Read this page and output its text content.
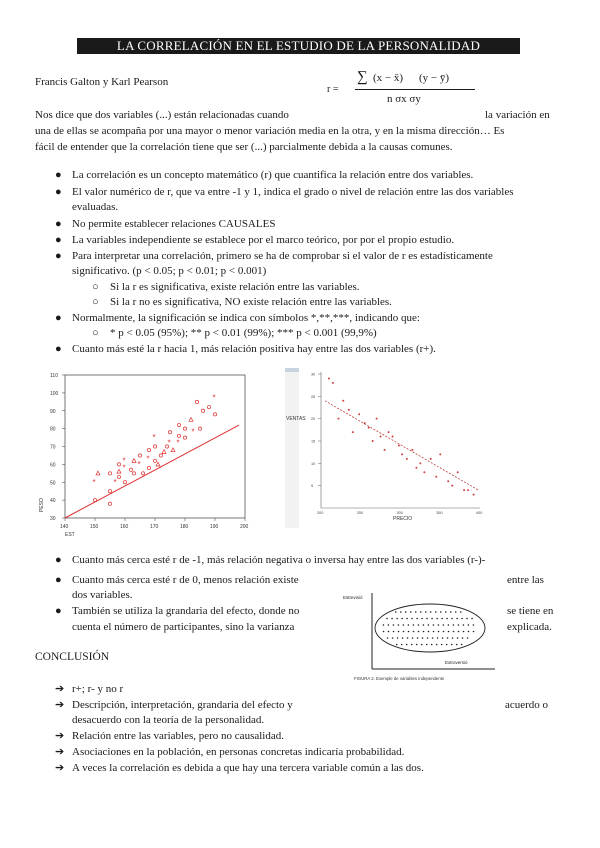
LA CORRELACIÓN EN EL ESTUDIO DE LA PERSONALIDAD
Francis Galton y Karl Pearson
r =
∑ (x − x̄) (y − ȳ)
n σx σy
Nos dice que dos variables (...) están relacionadas cuando	la variación en
una de ellas se acompaña por una mayor o menor variación media en la otra, y en la misma dirección… Es
fácil de entender que la correlación tiene que ser (...) parcialmente debida a la causas comunes.
● La correlación es un concepto matemático (r) que cuantifica la relación entre dos variables.
● El valor numérico de r, que va entre -1 y 1, indica el grado o nivel de relación entre las dos variables
evaluadas.
● No permite establecer relaciones CAUSALES
● La variables independiente se establece por el marco teórico, por por el propio estudio.
● Para interpretar una correlación, primero se ha de comprobar si el valor de r es estadísticamente
significativo. (p < 0.05; p < 0.01; p < 0.001)
○ Si la r es significativa, existe relación entre las variables.
○ Si la r no es significativa, NO existe relación entre las variables.
● Normalmente, la significación se indica con símbolos *,**,***, indicando que:
○ * p < 0.05 (95%); ** p < 0.01 (99%); *** p < 0.001 (99,9%)
● Cuanto más esté la r hacia 1, más relación positiva hay entre las dos variables (r+).
140	150	160	170	180	190	200
30
40
50
60
70
80
90
100
110
* *
* *
*
*
* *
*
*
*
PESO
EST
200	250	300	350	400
5
10
15
20
25
30
VENTAS
PRECIO
● Cuanto más cerca esté r de -1, más relación negativa o inversa hay entre las dos variables (r-)-
● Cuanto más cerca esté r de 0, menos relación existe	entre las
dos variables.
● También se utiliza la grandaria del efecto, donde no	se tiene en
cuenta el número de participantes, sino la varianza	explicada.
Estrevisió
Extroversió
FIGURA 2. Exemple de variables independents
CONCLUSIÓN
➔ r+; r- y no r
➔ Descripción, interpretación, grandaria del efecto y	acuerdo o
desacuerdo con la teoría de la personalidad.
➔ Relación entre las variables, pero no causalidad.
➔ Asociaciones en la población, en personas concretas indicaría probabilidad.
➔ A veces la correlación es debida a que hay una tercera variable común a las dos.
